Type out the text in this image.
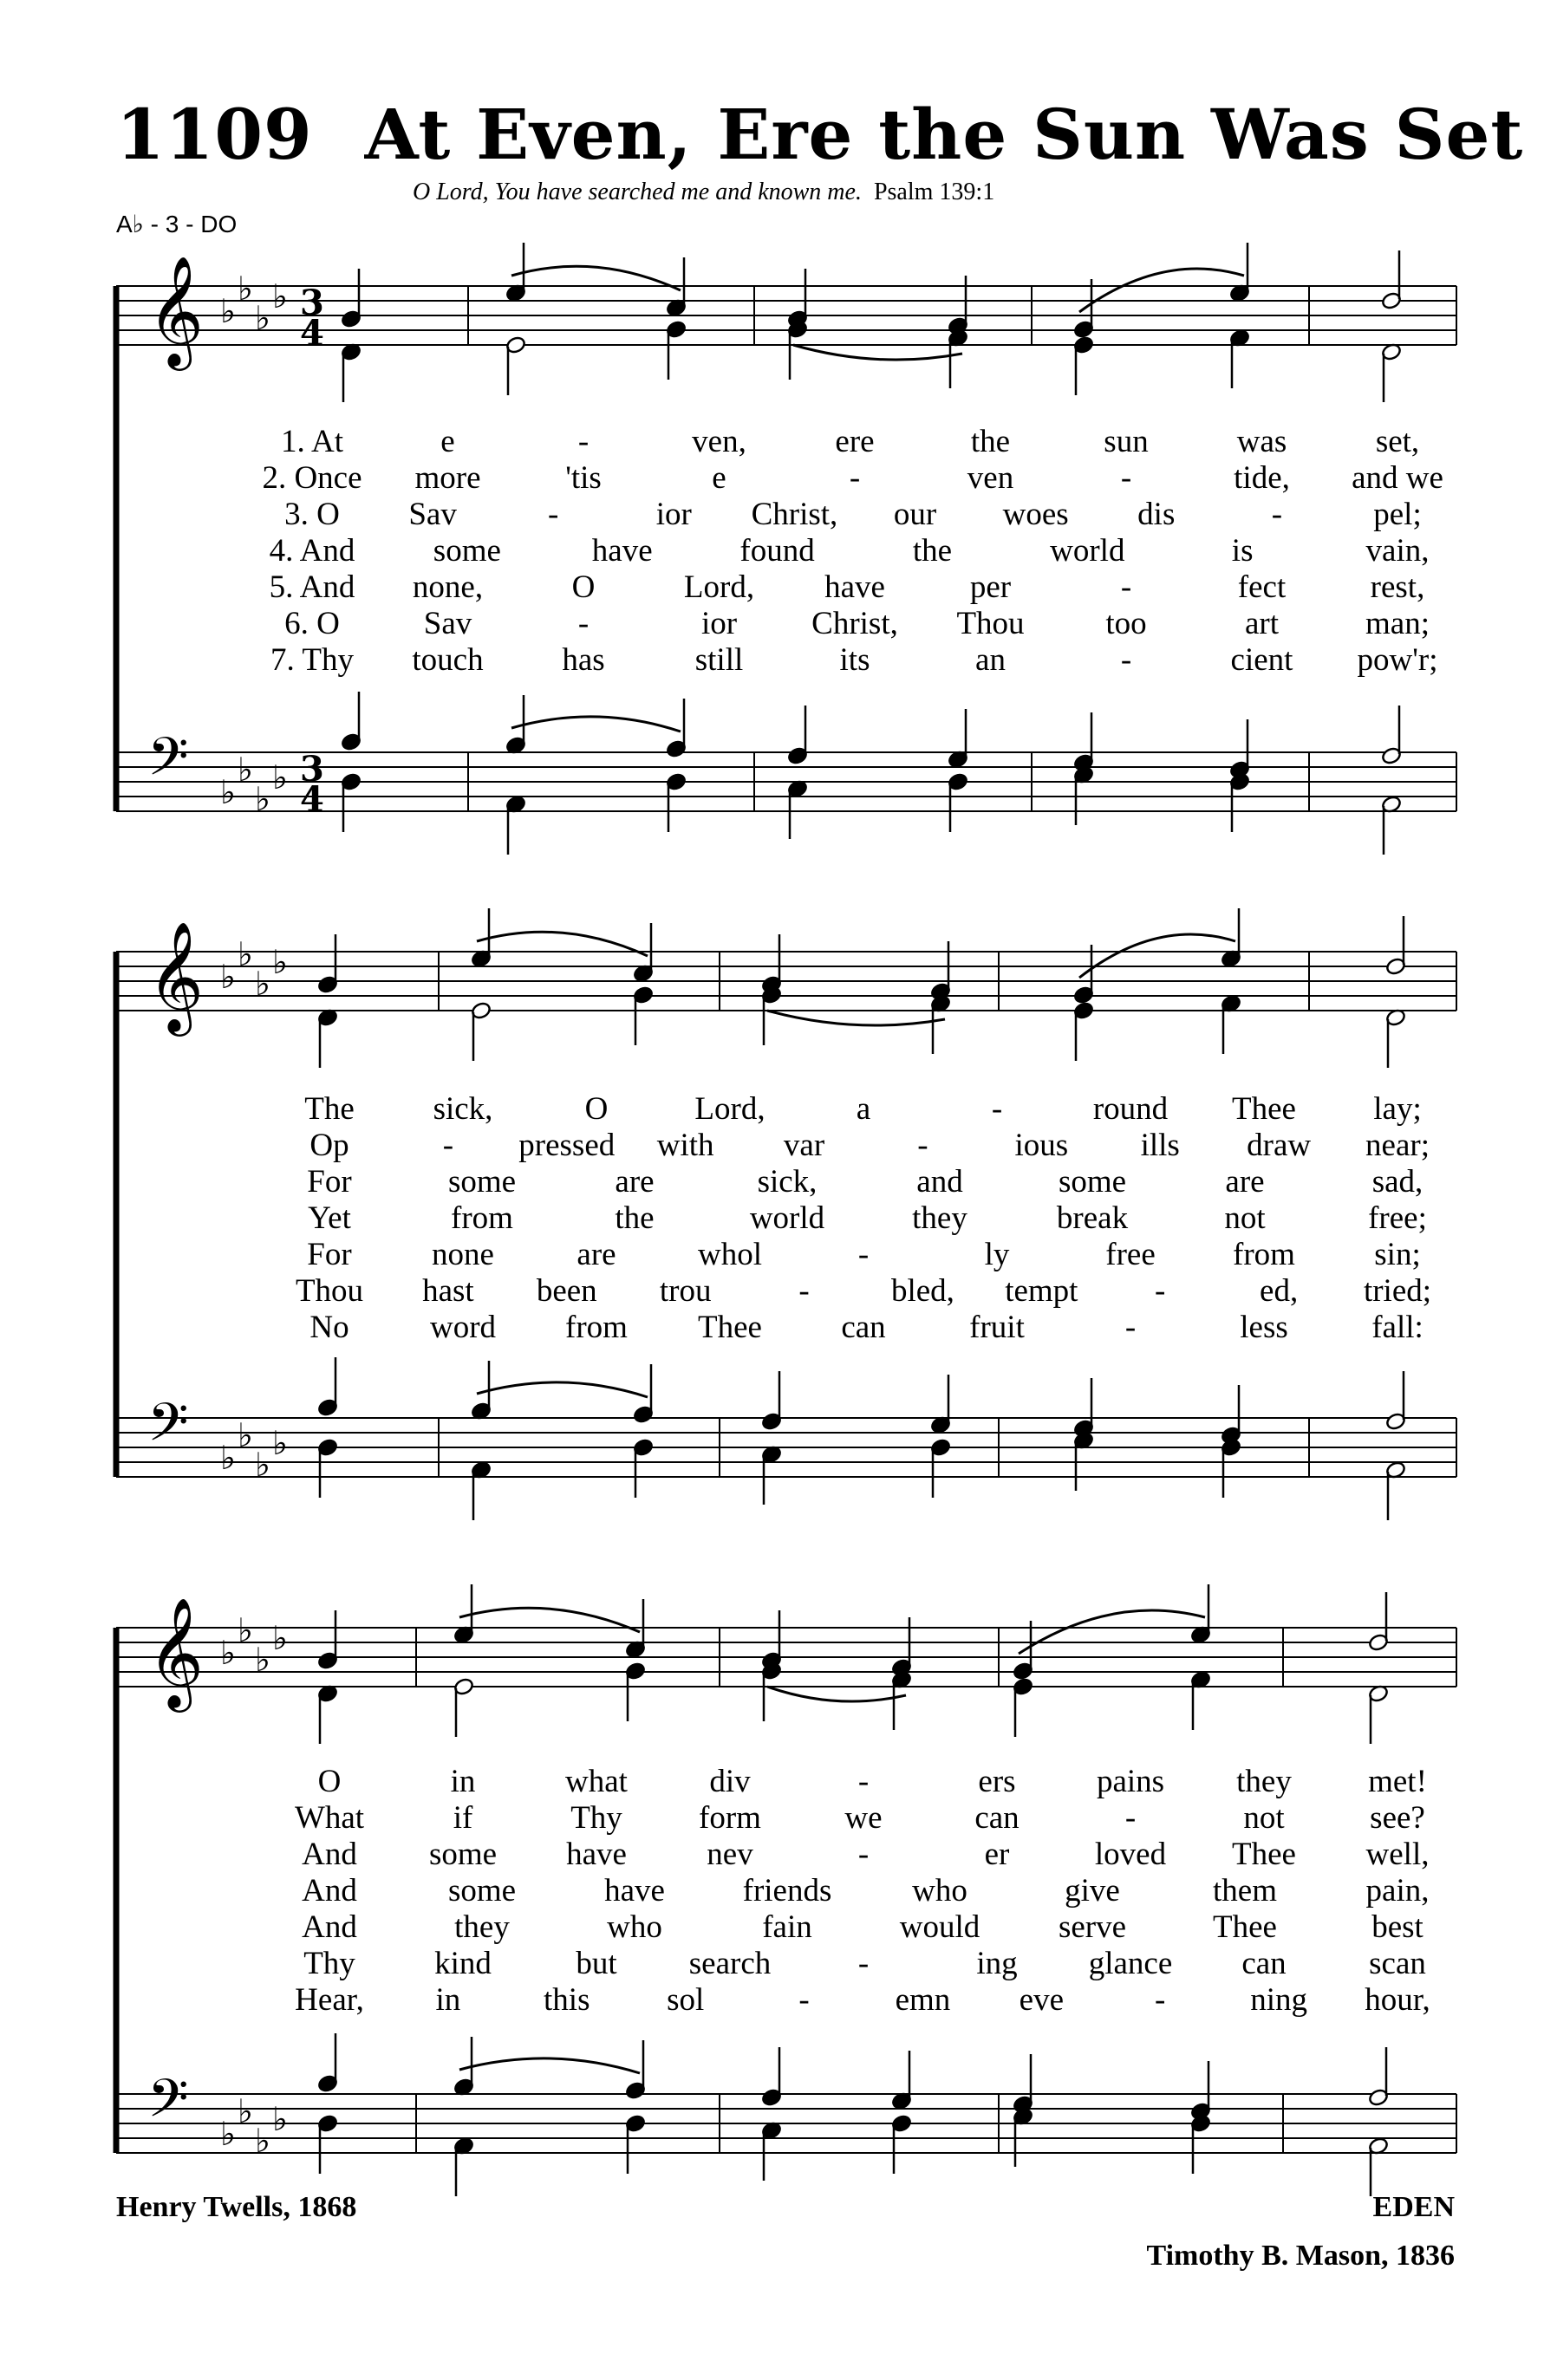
1109 At Even, Ere the Sun Was Set
O Lord, You have searched me and known me. Psalm 139:1
A♭ - 3 - DO
𝄞 ♭
♭
♭
♭ 3
4
𝄢 ♭
♭
♭
♭ 3
4
𝄞 ♭
♭
♭
♭
𝄢 ♭
♭
♭
♭
𝄞 ♭
♭
♭
♭
𝄢 ♭
♭
♭
♭
1. At	e	-	ven,	ere	the	sun	was	set,
2. Once more	'tis	e	-	ven	-	tide, and we
3. O Sav	-	ior Christ, our woes dis	-	pel;
4. And some	have	found	the	world	is	vain,
5. And none,	O	Lord, have	per	-	fect	rest,
6. O	Sav	-	ior Christ, Thou	too	art	man;
7. Thy touch has	still	its	an	-	cient pow'r;
The sick,	O	Lord,	a	-	round Thee lay;
Op	- pressed with var	-	ious ills draw near;
For	some	are	sick,	and	some	are	sad,
Yet	from	the	world	they	break	not	free;
For none	are	whol	-	ly	free from sin;
Thou hast been trou	-	bled, tempt -	ed, tried;
No	word from Thee can	fruit	-	less	fall:
O	in	what	div	-	ers	pains they met!
What	if	Thy form	we	can	-	not	see?
And some have nev	-	er	loved Thee well,
And	some	have friends	who	give	them	pain,
And	they	who	fain	would serve	Thee	best
Thy kind	but search	-	ing glance can	scan
Hear, in	this sol	-	emn eve	-	ning hour,
Henry Twells, 1868	EDEN
Timothy B. Mason, 1836
